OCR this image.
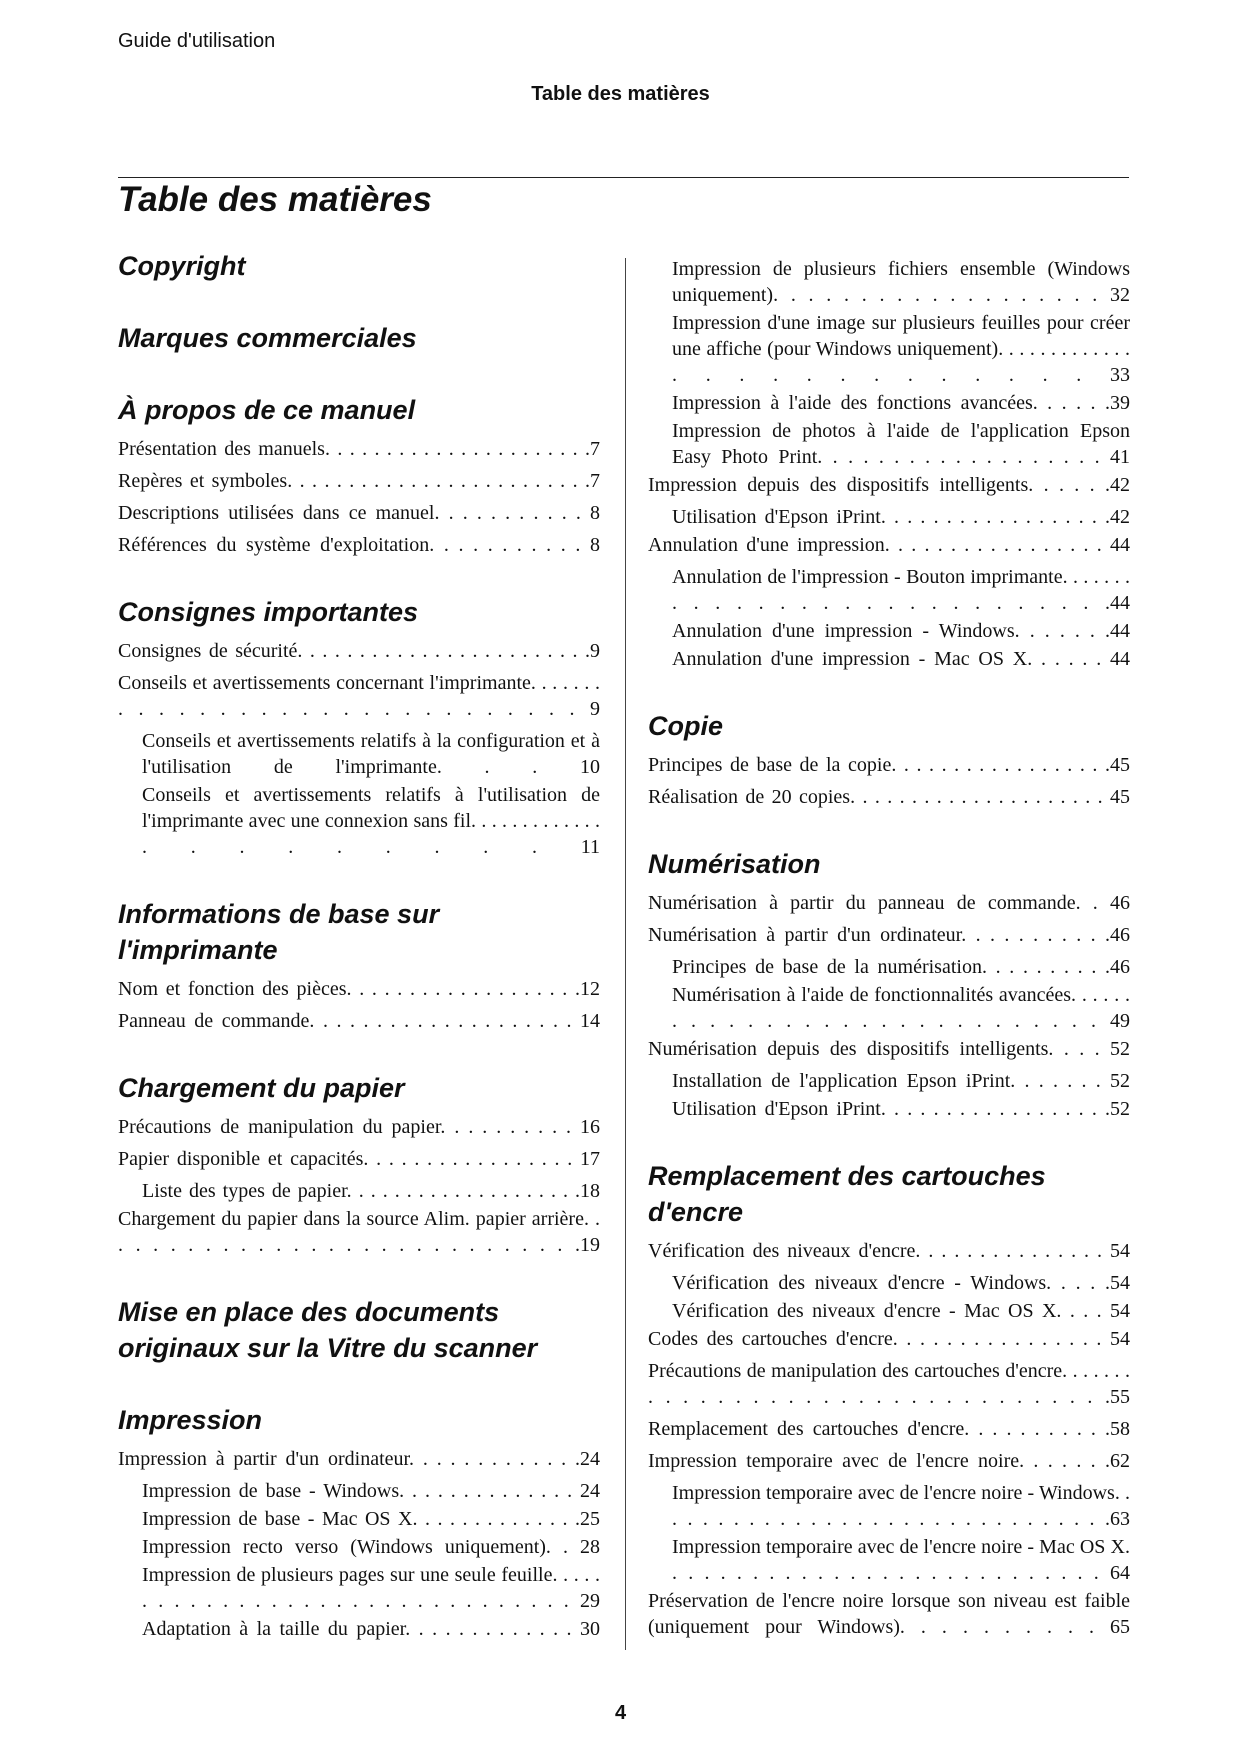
Guide d'utilisation
Table des matières
Table des matières
Copyright
Marques commerciales
À propos de ce manuel
Présentation des manuels. . . . . . . . . . . . . . . . . . . . . .7
Repères et symboles. . . . . . . . . . . . . . . . . . . . . . . . .7
Descriptions utilisées dans ce manuel. . . . . . . . . . . 8
Références du système d'exploitation. . . . . . . . . . . 8
Consignes importantes
Consignes de sécurité. . . . . . . . . . . . . . . . . . . . . . . .9
Conseils et avertissements concernant l'imprimante. . . . . . . . . . . . . . . . . . . . . . . . . . . . . . 9
Conseils et avertissements relatifs à la configuration et à l'utilisation de l'imprimante. . . 10
Conseils et avertissements relatifs à l'utilisation de l'imprimante avec une connexion sans fil. . . . . . . . . . . . . . . . . . . . . . 11
Informations de base sur l'imprimante
Nom et fonction des pièces. . . . . . . . . . . . . . . . . . .12
Panneau de commande. . . . . . . . . . . . . . . . . . . . 14
Chargement du papier
Précautions de manipulation du papier. . . . . . . . . . 16
Papier disponible et capacités. . . . . . . . . . . . . . . . . 17
Liste des types de papier. . . . . . . . . . . . . . . . . . . .18
Chargement du papier dans la source Alim. papier arrière. . . . . . . . . . . . . . . . . . . . . . . . . . . . .19
Mise en place des documents
originaux sur la Vitre du scanner
Impression
Impression à partir d'un ordinateur. . . . . . . . . . . . .24
Impression de base - Windows. . . . . . . . . . . . . . 24
Impression de base - Mac OS X. . . . . . . . . . . . . .25
Impression recto verso (Windows uniquement). . 28
Impression de plusieurs pages sur une seule feuille. . . . . . . . . . . . . . . . . . . . . . . . . . . . . . . . 29
Adaptation à la taille du papier. . . . . . . . . . . . . 30
Impression de plusieurs fichiers ensemble (Windows uniquement). . . . . . . . . . . . . . . . . . . 32
Impression d'une image sur plusieurs feuilles pour créer une affiche (pour Windows uniquement). . . . . . . . . . . . . . . . . . . . . . . . . . 33
Impression à l'aide des fonctions avancées. . . . . .39
Impression de photos à l'aide de l'application Epson Easy Photo Print. . . . . . . . . . . . . . . . . . . 41
Impression depuis des dispositifs intelligents. . . . . .42
Utilisation d'Epson iPrint. . . . . . . . . . . . . . . . . .42
Annulation d'une impression. . . . . . . . . . . . . . . . . 44
Annulation de l'impression - Bouton imprimante. . . . . . . . . . . . . . . . . . . . . . . . . . . .44
Annulation d'une impression - Windows. . . . . . .44
Annulation d'une impression - Mac OS X. . . . . . 44
Copie
Principes de base de la copie. . . . . . . . . . . . . . . . . .45
Réalisation de 20 copies. . . . . . . . . . . . . . . . . . . . . 45
Numérisation
Numérisation à partir du panneau de commande. . 46
Numérisation à partir d'un ordinateur. . . . . . . . . . .46
Principes de base de la numérisation. . . . . . . . . .46
Numérisation à l'aide de fonctionnalités avancées. . . . . . . . . . . . . . . . . . . . . . . . . . . . . 49
Numérisation depuis des dispositifs intelligents. . . . 52
Installation de l'application Epson iPrint. . . . . . . 52
Utilisation d'Epson iPrint. . . . . . . . . . . . . . . . . .52
Remplacement des cartouches d'encre
Vérification des niveaux d'encre. . . . . . . . . . . . . . . 54
Vérification des niveaux d'encre - Windows. . . . .54
Vérification des niveaux d'encre - Mac OS X. . . . 54
Codes des cartouches d'encre. . . . . . . . . . . . . . . . 54
Précautions de manipulation des cartouches d'encre. . . . . . . . . . . . . . . . . . . . . . . . . . . . . . . . . .55
Remplacement des cartouches d'encre. . . . . . . . . . .58
Impression temporaire avec de l'encre noire. . . . . . .62
Impression temporaire avec de l'encre noire - Windows. . . . . . . . . . . . . . . . . . . . . . . . . . . . . . .63
Impression temporaire avec de l'encre noire - Mac OS X. . . . . . . . . . . . . . . . . . . . . . . . . . . . 64
Préservation de l'encre noire lorsque son niveau est faible (uniquement pour Windows). . . . . . . . . . 65
4
